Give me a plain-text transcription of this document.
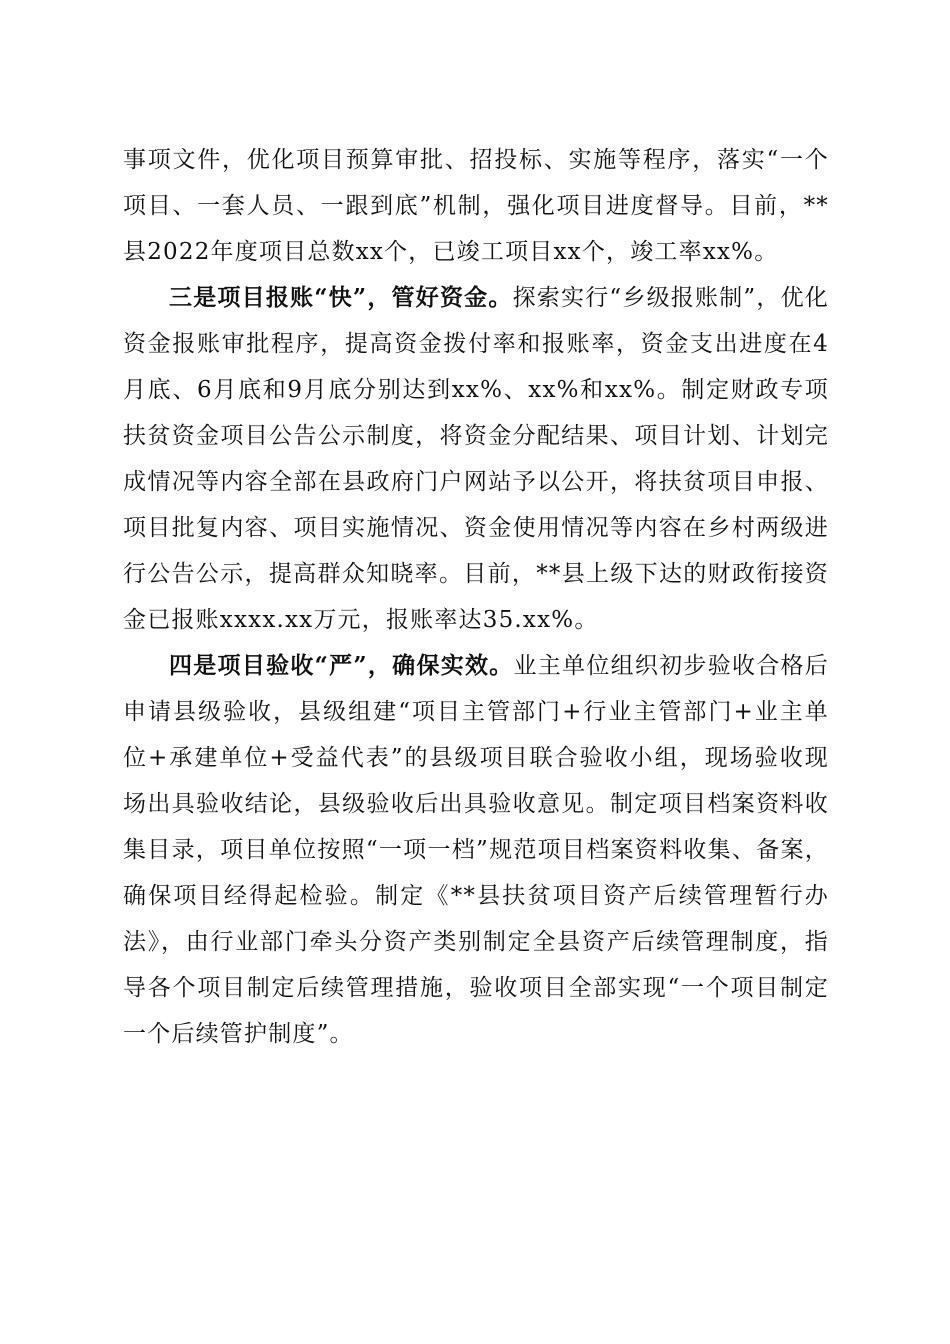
事项文件，优化项目预算审批、招投标、实施等程序，落实“一个项目、一套人员、一跟到底”机制，强化项目进度督导。目前，**县2022年度项目总数xx个，已竣工项目xx个，竣工率xx%。

三是项目报账“快”，管好资金。探索实行“乡级报账制”，优化资金报账审批程序，提高资金拨付率和报账率，资金支出进度在4月底、6月底和9月底分别达到xx%、xx%和xx%。制定财政专项扶贫资金项目公告公示制度，将资金分配结果、项目计划、计划完成情况等内容全部在县政府门户网站予以公开，将扶贫项目申报、项目批复内容、项目实施情况、资金使用情况等内容在乡村两级进行公告公示，提高群众知晓率。目前，**县上级下达的财政衔接资金已报账xxxx.xx万元，报账率达35.xx%。

四是项目验收“严”，确保实效。业主单位组织初步验收合格后申请县级验收，县级组建“项目主管部门+行业主管部门+业主单位+承建单位+受益代表”的县级项目联合验收小组，现场验收现场出具验收结论，县级验收后出具验收意见。制定项目档案资料收集目录，项目单位按照“一项一档”规范项目档案资料收集、备案，确保项目经得起检验。制定《**县扶贫项目资产后续管理暂行办法》，由行业部门牵头分资产类别制定全县资产后续管理制度，指导各个项目制定后续管理措施，验收项目全部实现“一个项目制定一个后续管护制度”。
